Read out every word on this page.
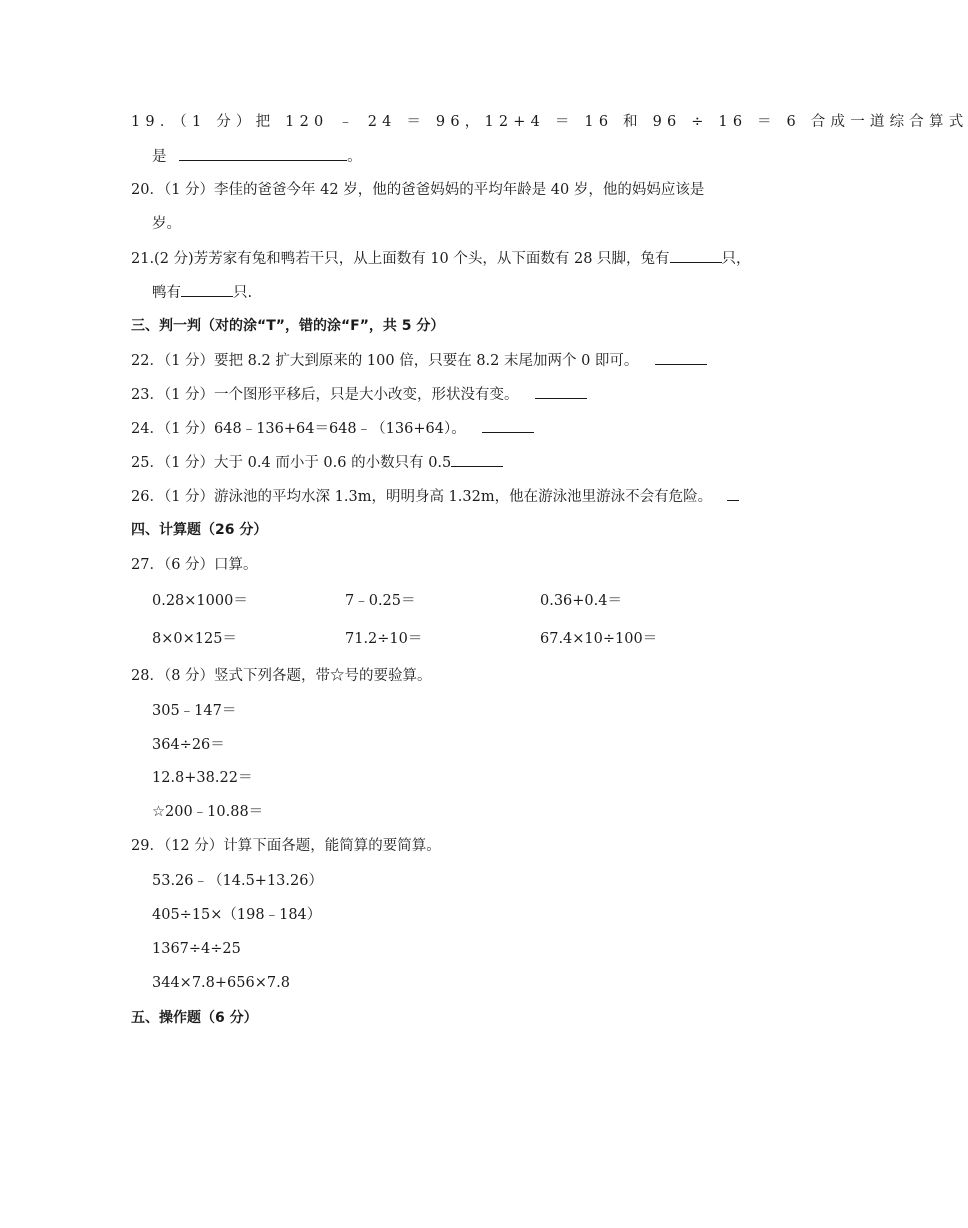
19．（1 分）把 120 ﹣ 24 ＝ 96，12+4 ＝ 16 和 96 ÷ 16 ＝ 6 合成一道综合算式
是	。
20．（1 分）李佳的爸爸今年 42 岁，他的爸爸妈妈的平均年龄是 40 岁，他的妈妈应该是
岁。
21.(2 分)芳芳家有兔和鸭若干只，从上面数有 10 个头，从下面数有 28 只脚，兔有	只，
鸭有	只.
三、判一判（对的涂“T”，错的涂“F”，共 5 分）
22．（1 分）要把 8.2 扩大到原来的 100 倍，只要在 8.2 末尾加两个 0 即可。
23．（1 分）一个图形平移后，只是大小改变，形状没有变。
24．（1 分）648﹣136+64＝648﹣（136+64）。
25．（1 分）大于 0.4 而小于 0.6 的小数只有 0.5
26．（1 分）游泳池的平均水深 1.3m，明明身高 1.32m，他在游泳池里游泳不会有危险。
四、计算题（26 分）
27．（6 分）口算。
0.28×1000＝	7﹣0.25＝	0.36+0.4＝
8×0×125＝	71.2÷10＝	67.4×10÷100＝
28．（8 分）竖式下列各题，带☆号的要验算。
305﹣147＝
364÷26＝
12.8+38.22＝
☆200﹣10.88＝
29．（12 分）计算下面各题，能简算的要简算。
53.26﹣（14.5+13.26）
405÷15×（198﹣184）
1367÷4÷25
344×7.8+656×7.8
五、操作题（6 分）
